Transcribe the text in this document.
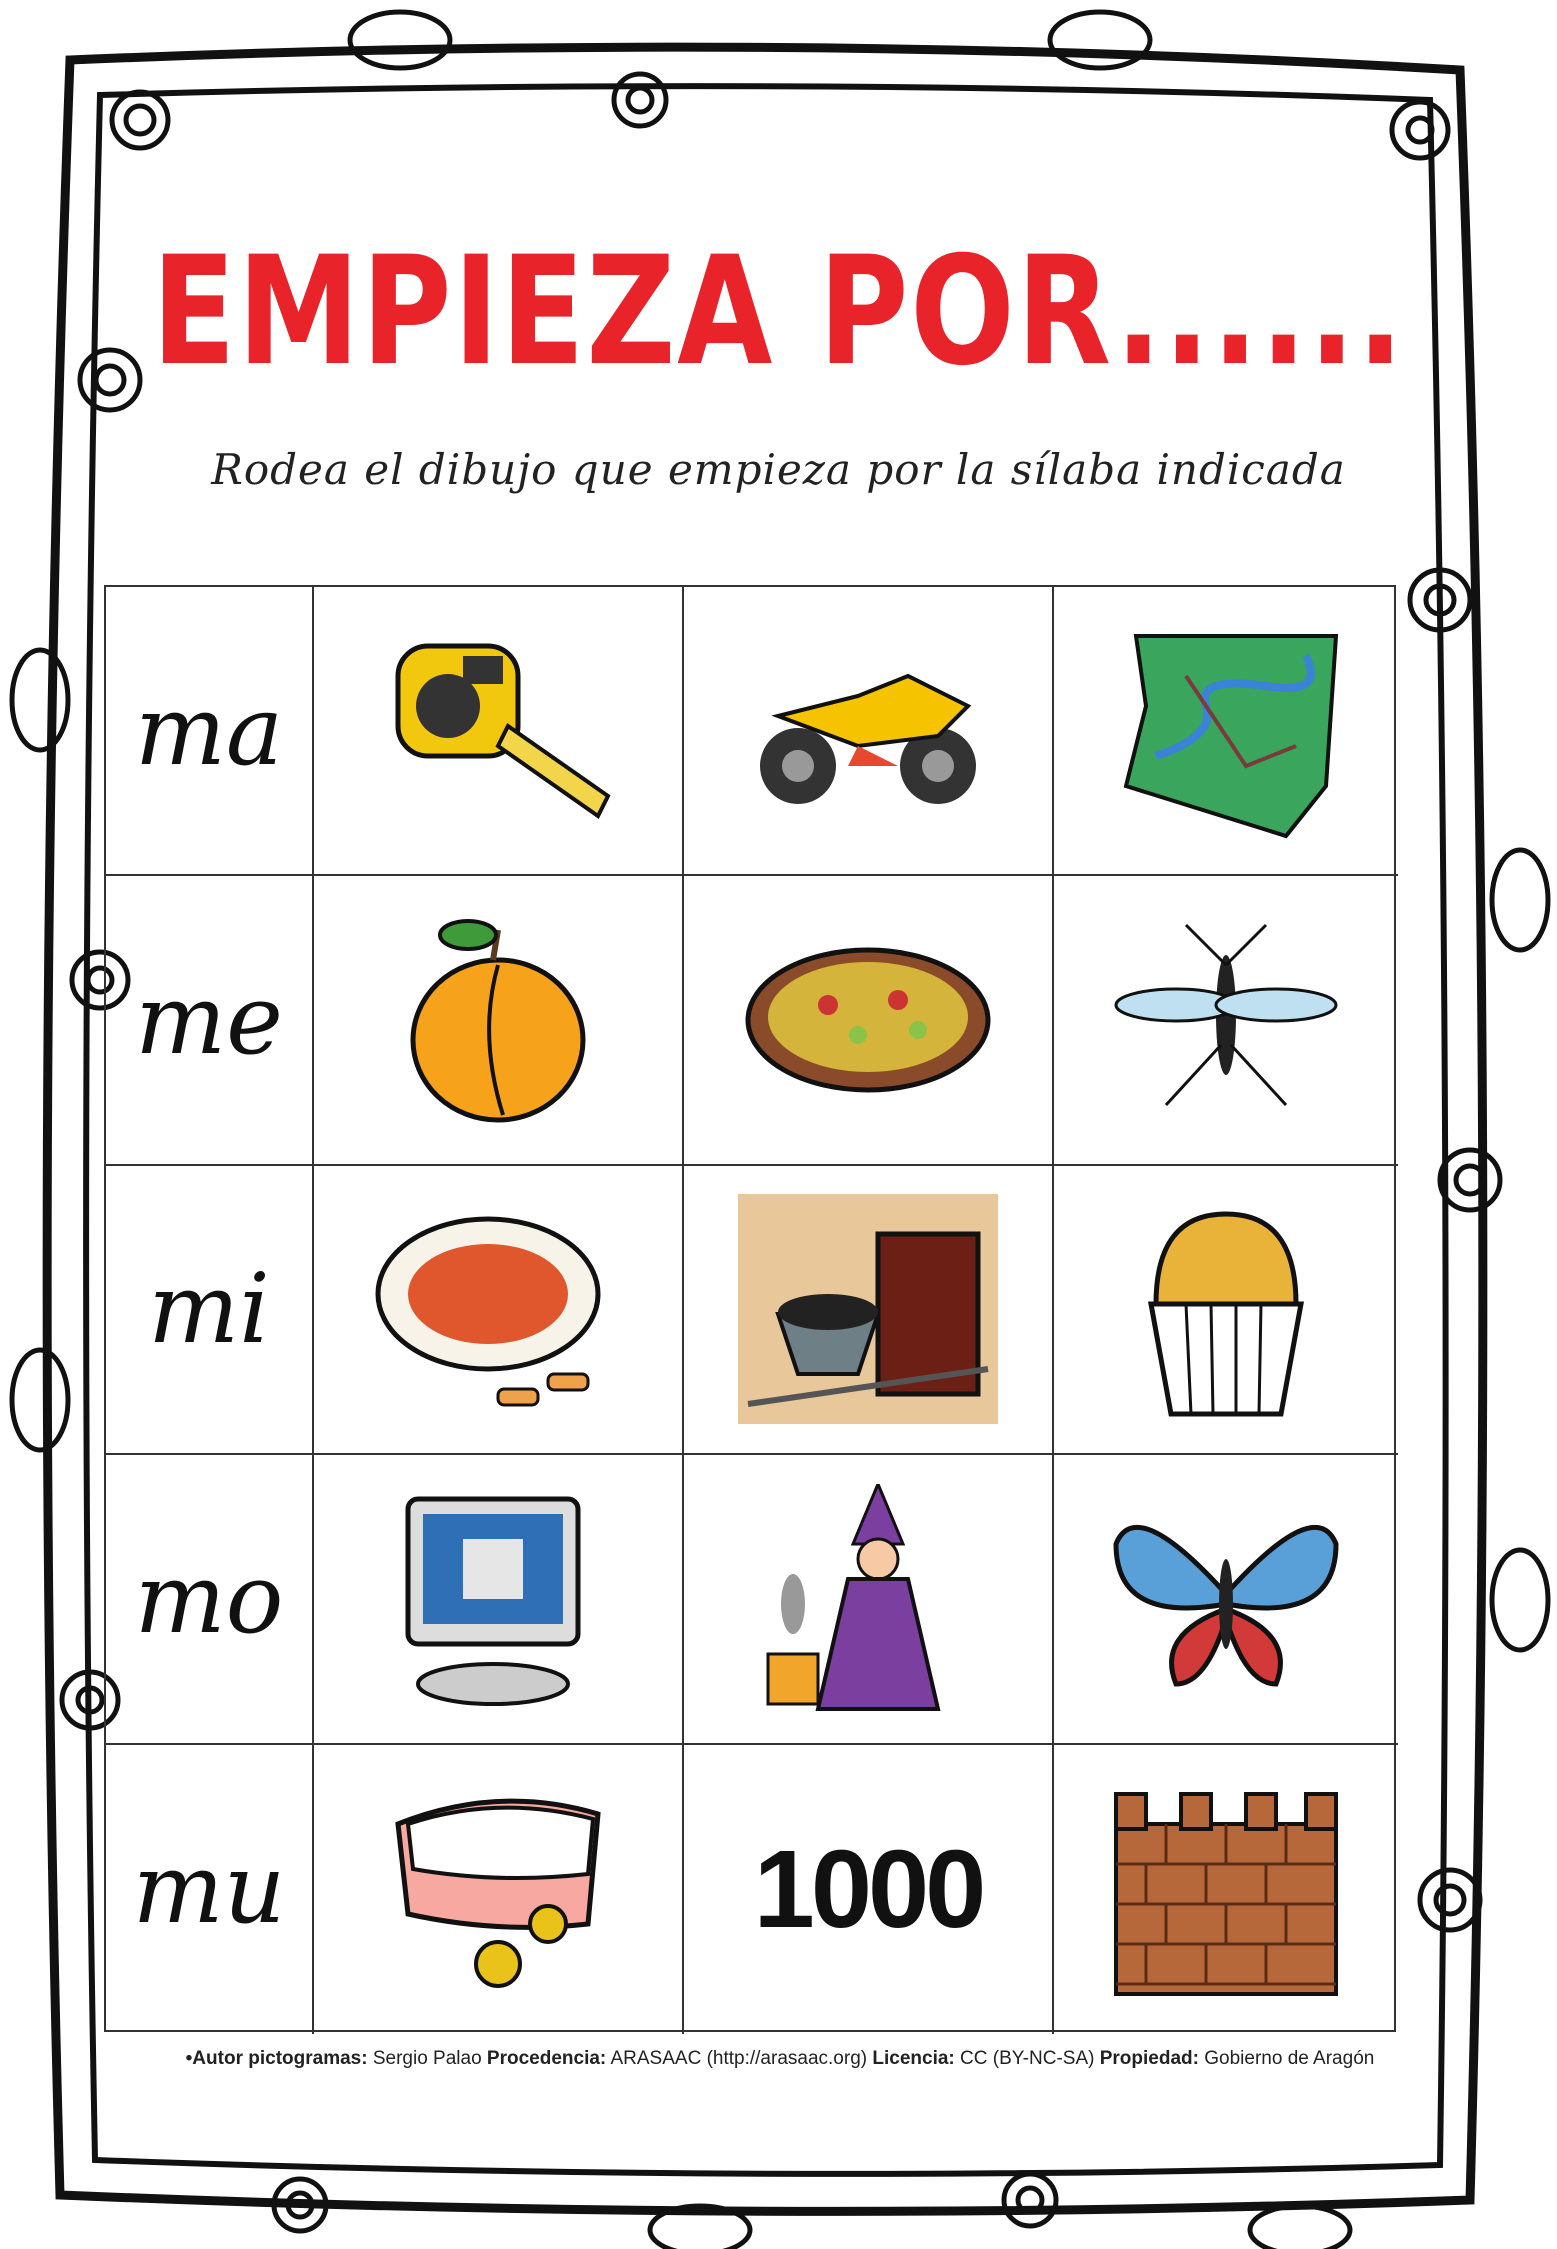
EMPIEZA POR......
Rodea el dibujo que empieza por la sílaba indicada
ma
me
mi
mo
mu	1000
•Autor pictogramas: Sergio Palao Procedencia: ARASAAC (http://arasaac.org) Licencia: CC (BY-NC-SA) Propiedad: Gobierno de Aragón
